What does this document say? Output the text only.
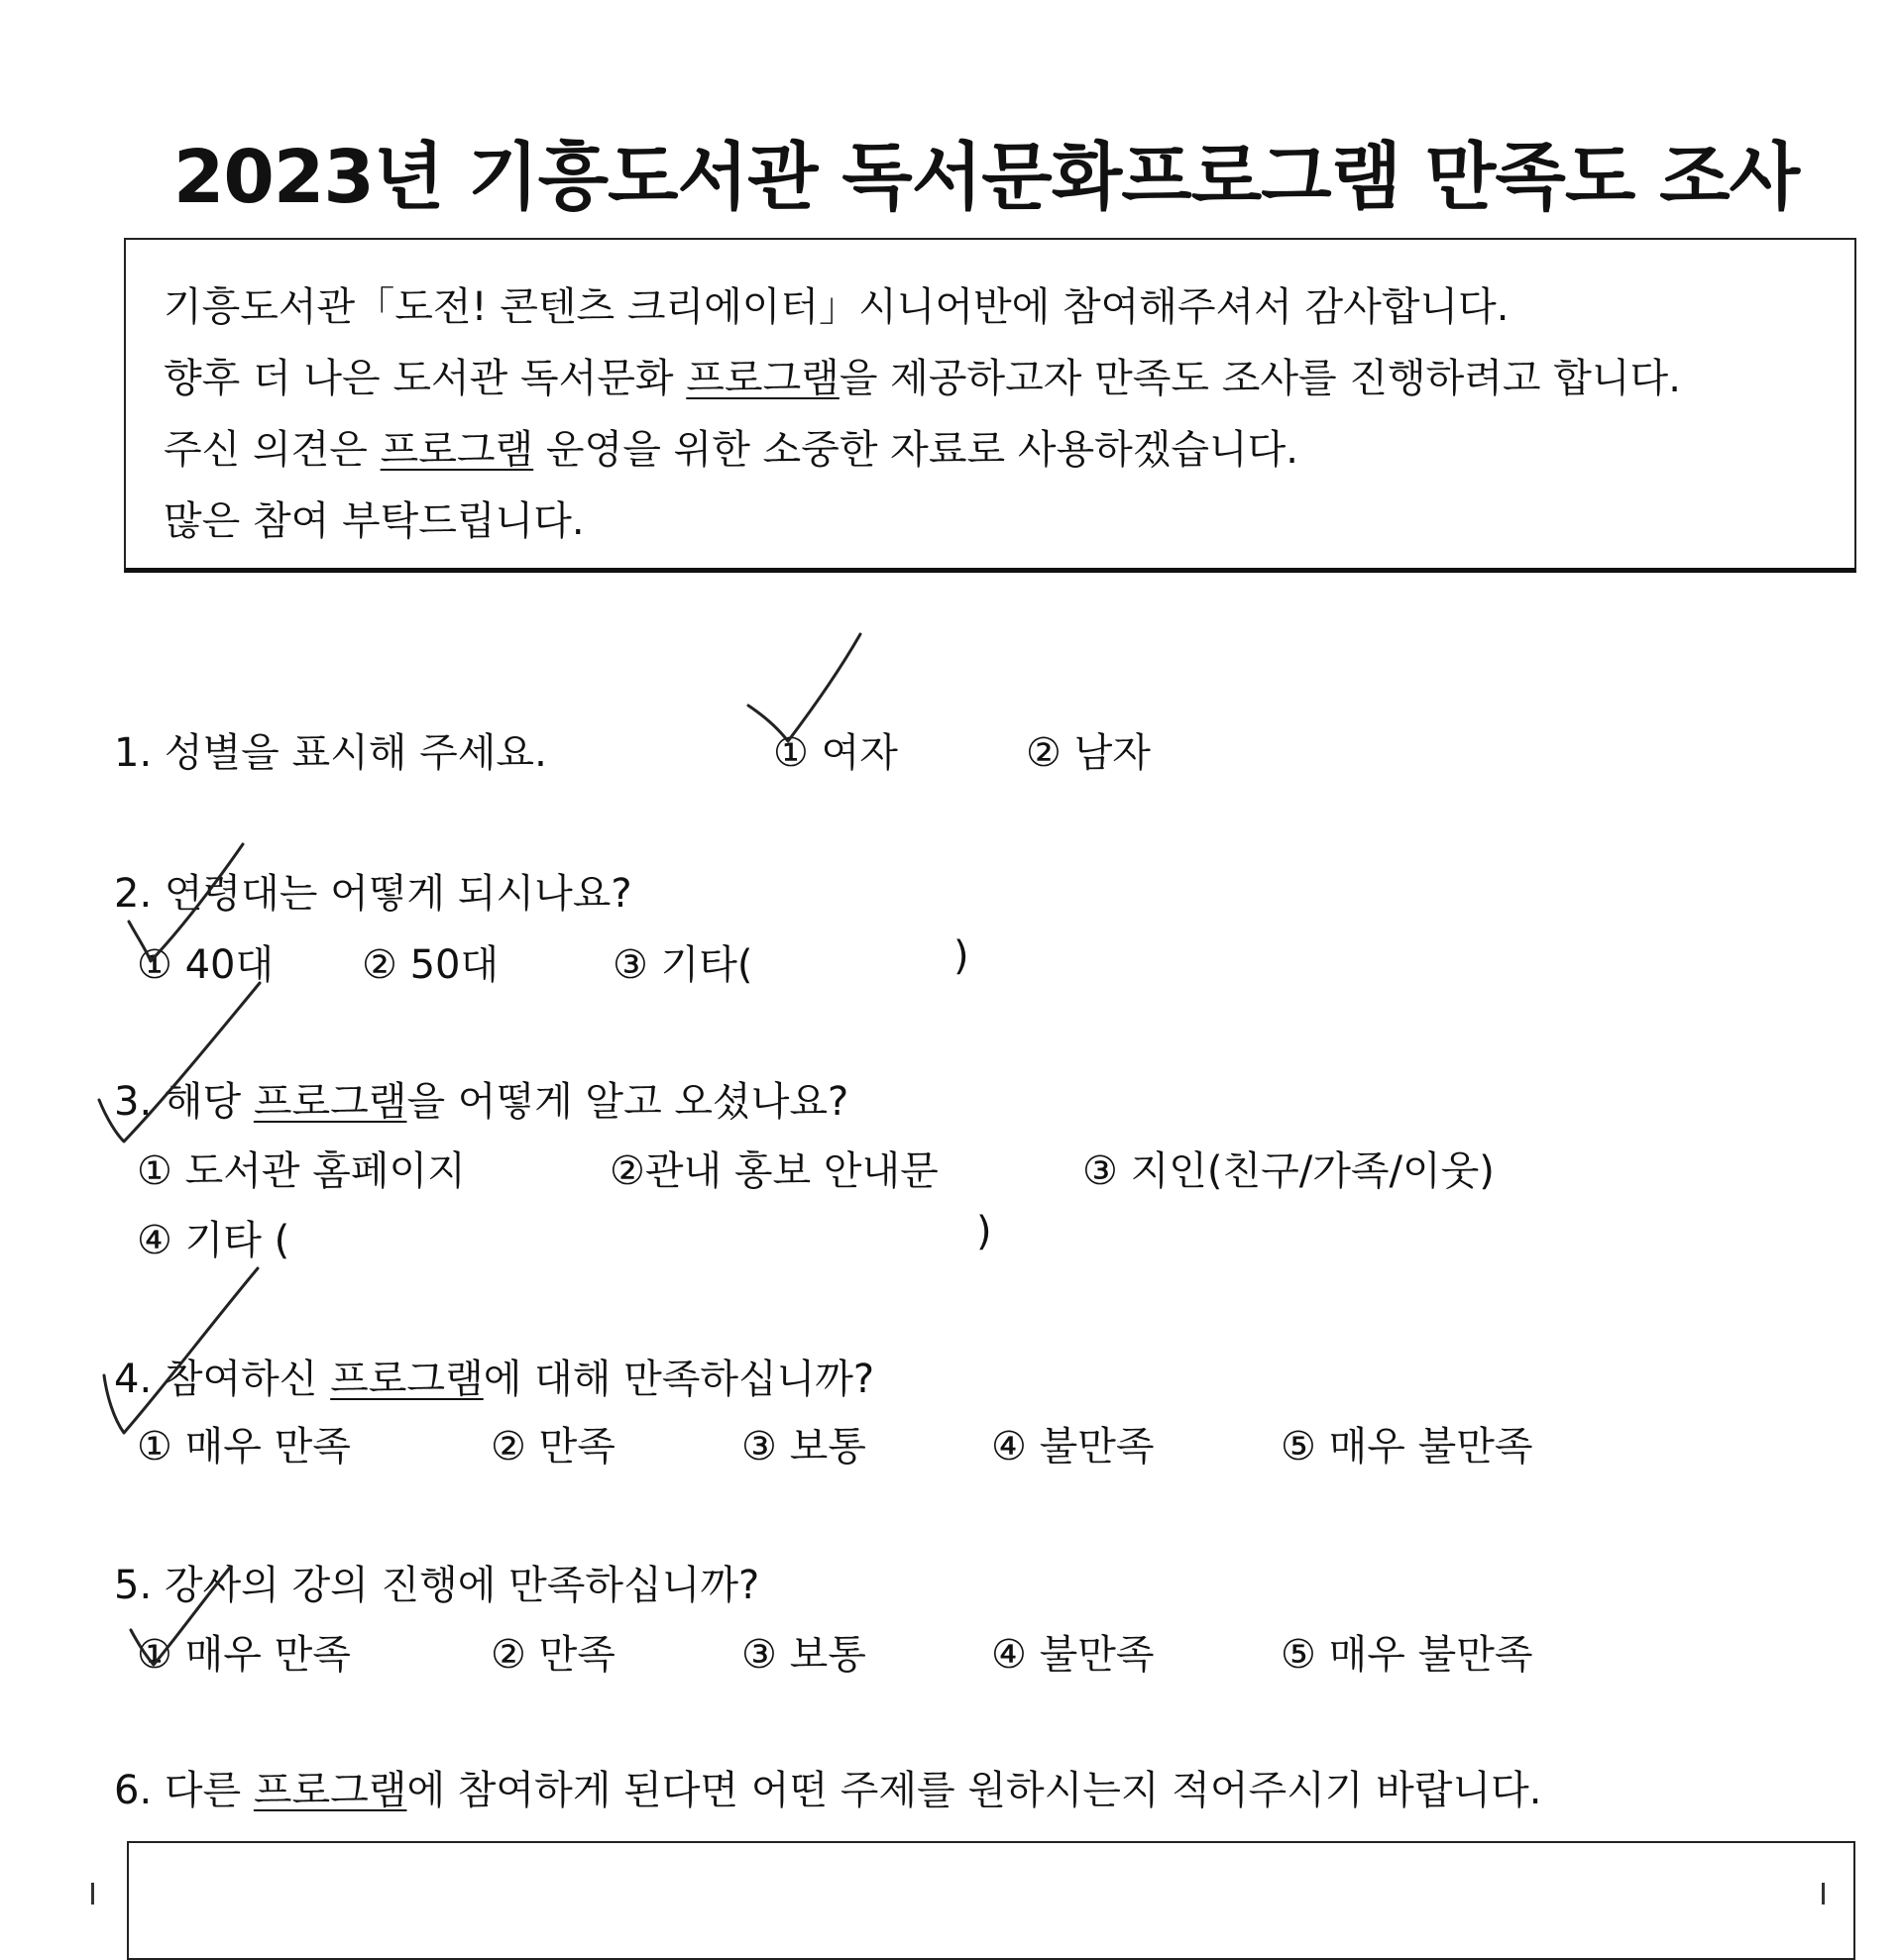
2023년 기흥도서관 독서문화프로그램 만족도 조사
기흥도서관「도전! 콘텐츠 크리에이터」시니어반에 참여해주셔서 감사합니다.
향후 더 나은 도서관 독서문화 프로그램을 제공하고자 만족도 조사를 진행하려고 합니다.
주신 의견은 프로그램 운영을 위한 소중한 자료로 사용하겠습니다.
많은 참여 부탁드립니다.
1. 성별을 표시해 주세요.	① 여자	② 남자
2. 연령대는 어떻게 되시나요?
① 40대 ② 50대	③ 기타(	)
3. 해당 프로그램을 어떻게 알고 오셨나요?
① 도서관 홈페이지	②관내 홍보 안내문	③ 지인(친구/가족/이웃)
④ 기타 (	)
4. 참여하신 프로그램에 대해 만족하십니까?
① 매우 만족	② 만족	③ 보통	④ 불만족	⑤ 매우 불만족
5. 강사의 강의 진행에 만족하십니까?
① 매우 만족	② 만족	③ 보통	④ 불만족	⑤ 매우 불만족
6. 다른 프로그램에 참여하게 된다면 어떤 주제를 원하시는지 적어주시기 바랍니다.
